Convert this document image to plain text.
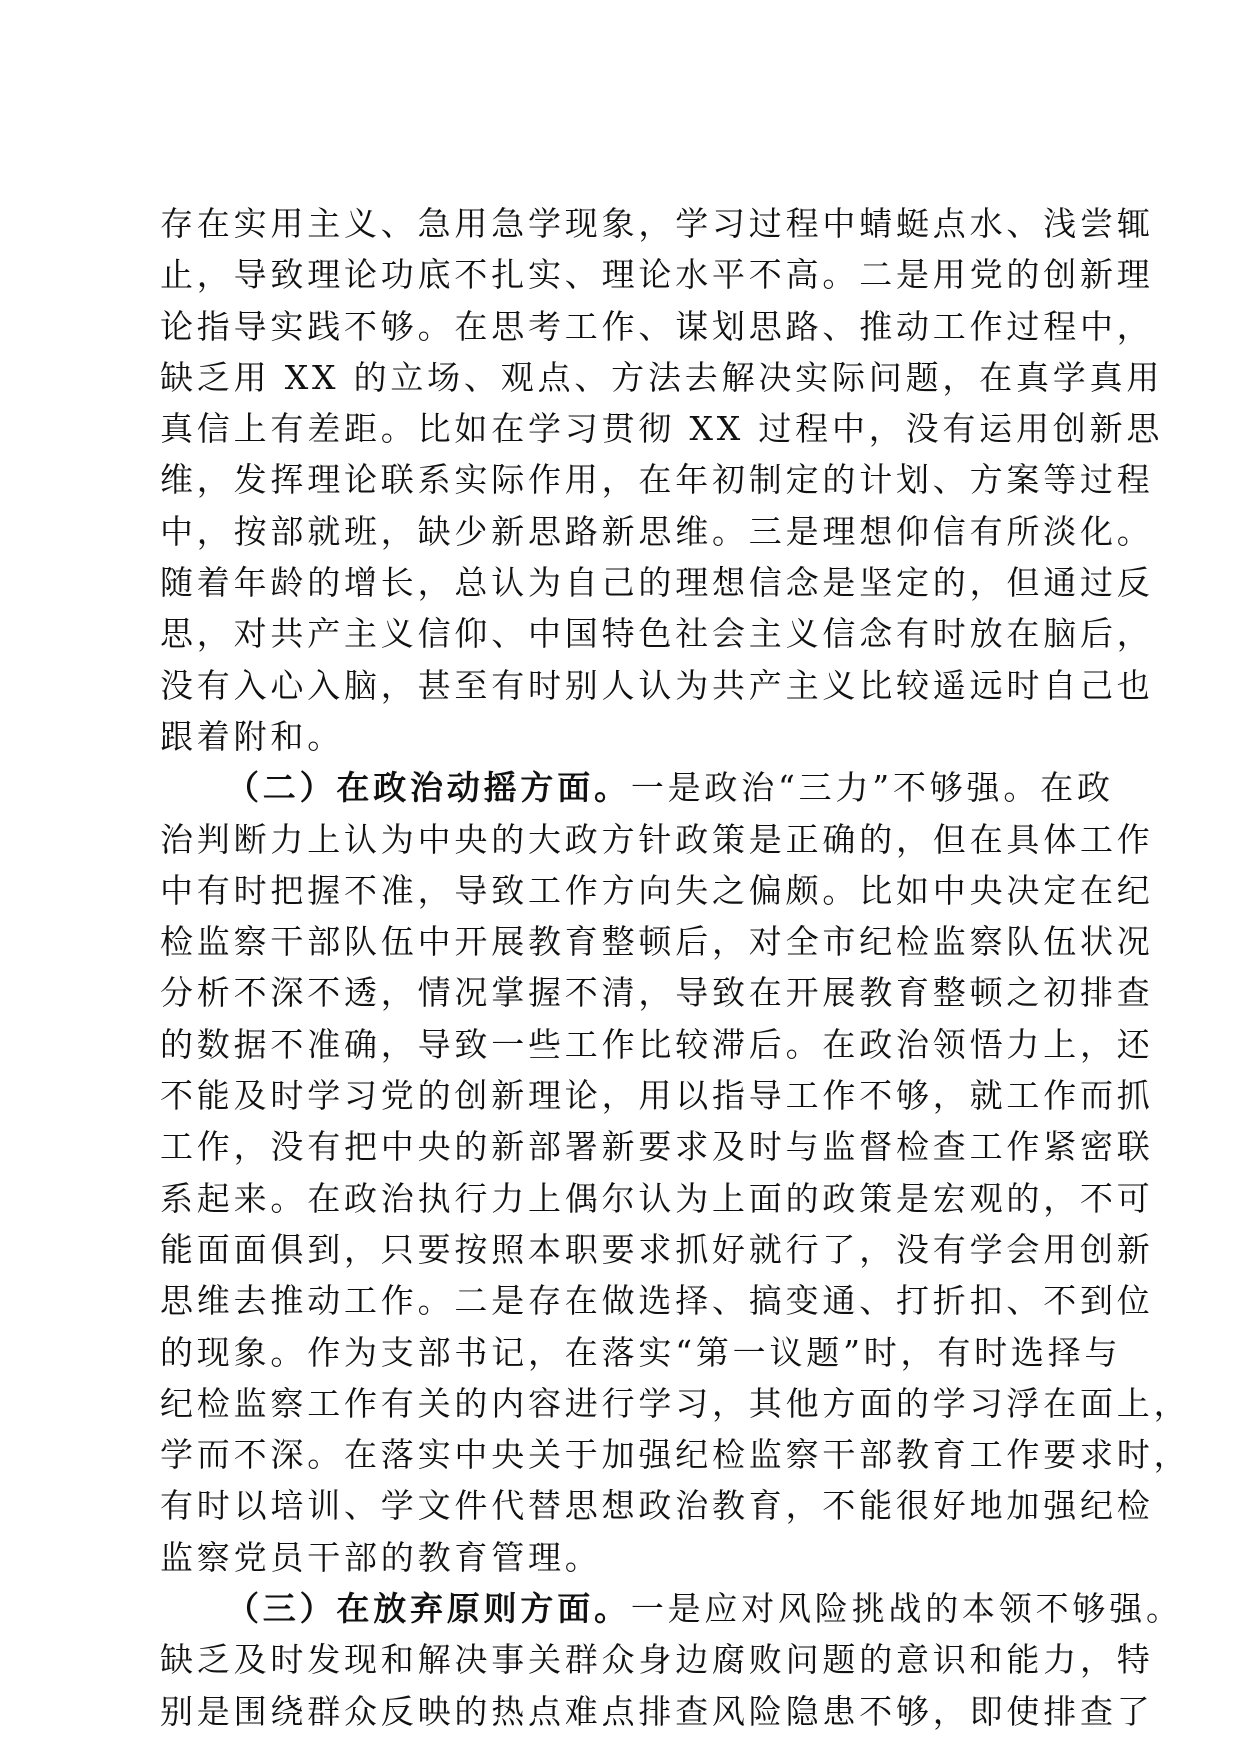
存在实用主义、急用急学现象，学习过程中蜻蜓点水、浅尝辄
止，导致理论功底不扎实、理论水平不高。二是用党的创新理
论指导实践不够。在思考工作、谋划思路、推动工作过程中，
缺乏用 XX 的立场、观点、方法去解决实际问题，在真学真用
真信上有差距。比如在学习贯彻 XX 过程中，没有运用创新思
维，发挥理论联系实际作用，在年初制定的计划、方案等过程
中，按部就班，缺少新思路新思维。三是理想仰信有所淡化。
随着年龄的增长，总认为自己的理想信念是坚定的，但通过反
思，对共产主义信仰、中国特色社会主义信念有时放在脑后，
没有入心入脑，甚至有时别人认为共产主义比较遥远时自己也
跟着附和。
（二）在政治动摇方面。一是政治“三力”不够强。在政
治判断力上认为中央的大政方针政策是正确的，但在具体工作
中有时把握不准，导致工作方向失之偏颇。比如中央决定在纪
检监察干部队伍中开展教育整顿后，对全市纪检监察队伍状况
分析不深不透，情况掌握不清，导致在开展教育整顿之初排查
的数据不准确，导致一些工作比较滞后。在政治领悟力上，还
不能及时学习党的创新理论，用以指导工作不够，就工作而抓
工作，没有把中央的新部署新要求及时与监督检查工作紧密联
系起来。在政治执行力上偶尔认为上面的政策是宏观的，不可
能面面俱到，只要按照本职要求抓好就行了，没有学会用创新
思维去推动工作。二是存在做选择、搞变通、打折扣、不到位
的现象。作为支部书记，在落实“第一议题”时，有时选择与
纪检监察工作有关的内容进行学习，其他方面的学习浮在面上，
学而不深。在落实中央关于加强纪检监察干部教育工作要求时，
有时以培训、学文件代替思想政治教育，不能很好地加强纪检
监察党员干部的教育管理。
（三）在放弃原则方面。一是应对风险挑战的本领不够强。
缺乏及时发现和解决事关群众身边腐败问题的意识和能力，特
别是围绕群众反映的热点难点排查风险隐患不够，即使排查了
